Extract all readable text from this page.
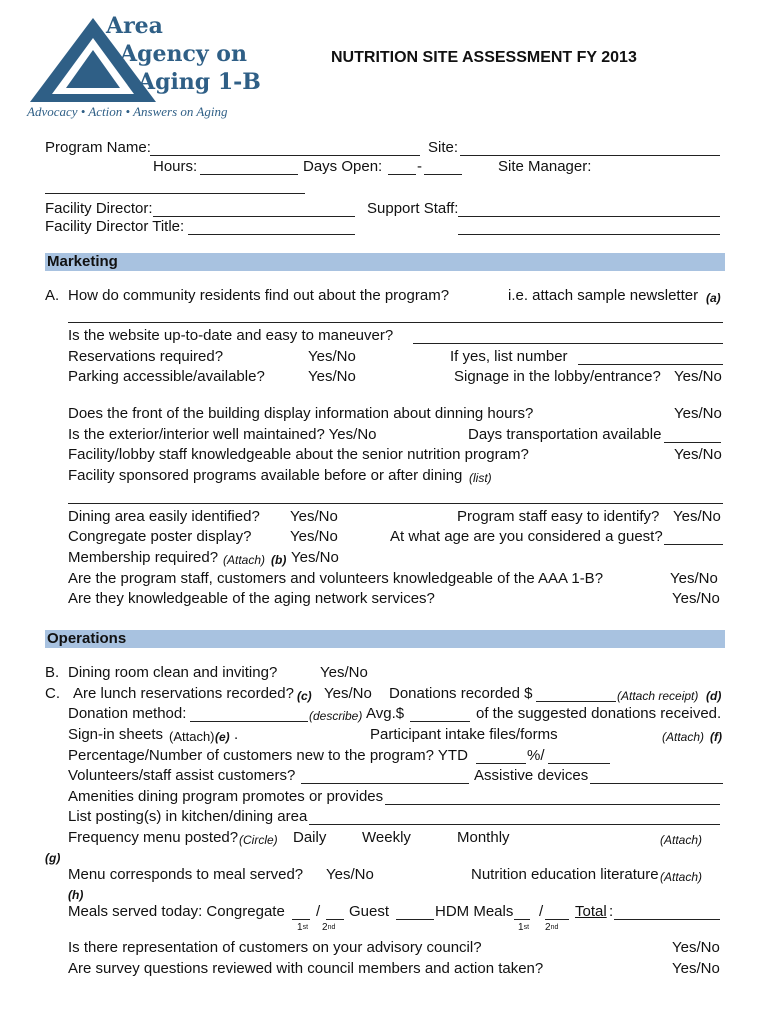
Area
Agency on
Aging 1-B
Advocacy • Action • Answers on Aging
NUTRITION SITE ASSESSMENT FY 2013
Program Name:	Site:
Hours:	Days Open: -	Site Manager:
Facility Director:	Support Staff:
Facility Director Title:
Marketing
A. How do community residents find out about the program?	i.e. attach sample newsletter (a)
Is the website up-to-date and easy to maneuver?
Reservations required?	Yes/No	If yes, list number
Parking accessible/available?	Yes/No	Signage in the lobby/entrance? Yes/No
Does the front of the building display information about dinning hours?	Yes/No
Is the exterior/interior well maintained? Yes/No	Days transportation available
Facility/lobby staff knowledgeable about the senior nutrition program?	Yes/No
Facility sponsored programs available before or after dining (list)
Dining area easily identified? Yes/No	Program staff easy to identify? Yes/No
Congregate poster display?	Yes/No	At what age are you considered a guest?
Membership required? (Attach) (b) Yes/No
Are the program staff, customers and volunteers knowledgeable of the AAA 1-B?	Yes/No
Are they knowledgeable of the aging network services?	Yes/No
Operations
B. Dining room clean and inviting?	Yes/No
C. Are lunch reservations recorded? (c) Yes/No Donations recorded $	(Attach receipt) (d)
Donation method:	(describe) Avg.$	of the suggested donations received.
Sign-in sheets (Attach) (e) .	Participant intake files/forms	(Attach) (f)
Percentage/Number of customers new to the program? YTD	%/
Volunteers/staff assist customers?	Assistive devices
Amenities dining program promotes or provides
List posting(s) in kitchen/dining area
Frequency menu posted? (Circle) Daily Weekly	Monthly	(Attach)
(g)
Menu corresponds to meal served? Yes/No	Nutrition education literature (Attach)
(h)
Meals served today: Congregate / Guest	HDM Meals / Total :
1st 2nd	1st 2nd
Is there representation of customers on your advisory council?	Yes/No
Are survey questions reviewed with council members and action taken?	Yes/No
